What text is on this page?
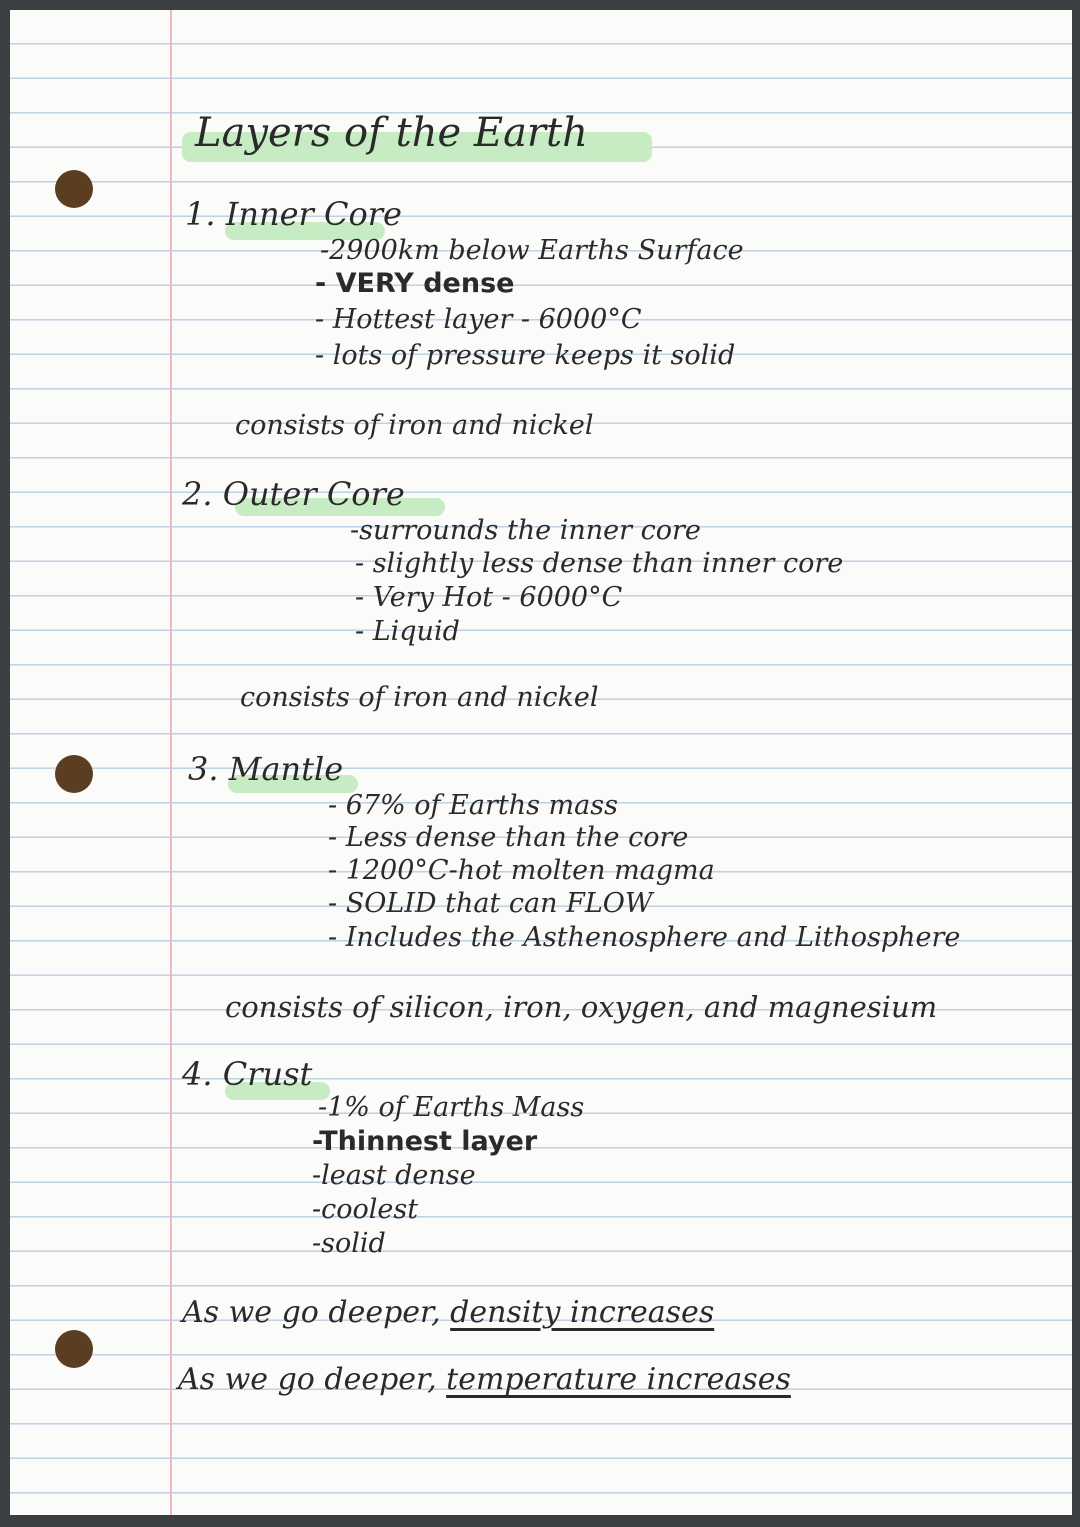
Layers of the Earth
1. Inner Core
-2900km below Earths Surface
- VERY dense
- Hottest layer - 6000°C
- lots of pressure keeps it solid
consists of iron and nickel
2. Outer Core
-surrounds the inner core
- slightly less dense than inner core
- Very Hot - 6000°C
- Liquid
consists of iron and nickel
3. Mantle
- 67% of Earths mass
- Less dense than the core
- 1200°C-hot molten magma
- SOLID that can FLOW
- Includes the Asthenosphere and Lithosphere
consists of silicon, iron, oxygen, and magnesium
4. Crust
-1% of Earths Mass
-Thinnest layer
-least dense
-coolest
-solid
As we go deeper, density increases
As we go deeper, temperature increases
